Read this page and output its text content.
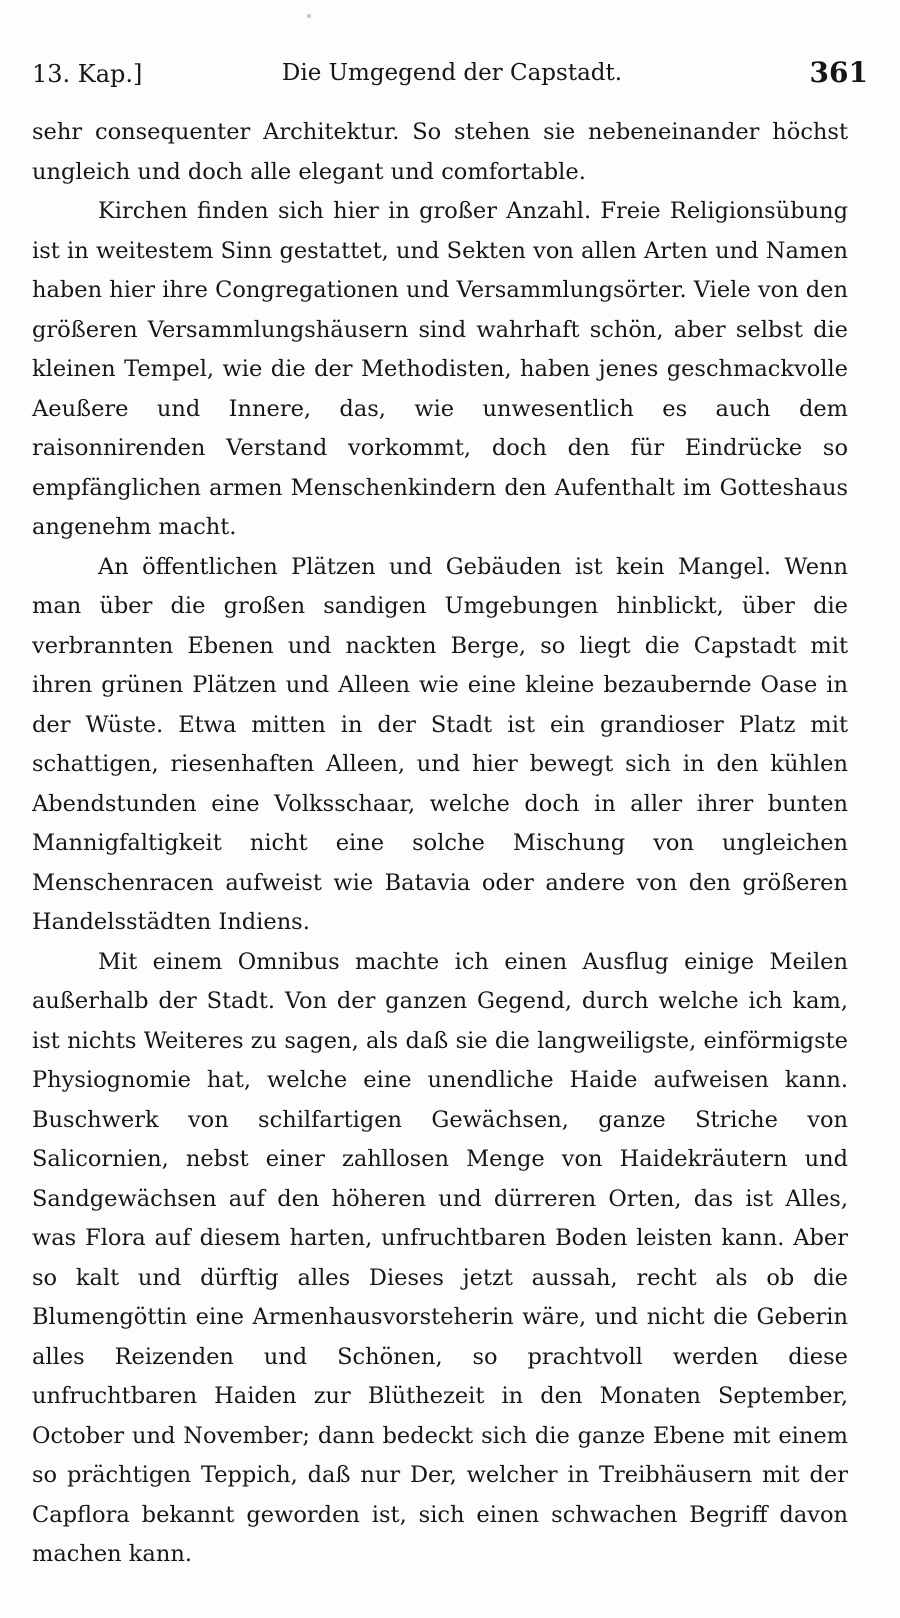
13. Kap.]	Die Umgegend der Capstadt.	361

sehr consequenter Architektur. So stehen sie nebeneinander höchst ungleich und doch alle elegant und comfortable.

Kirchen finden sich hier in großer Anzahl. Freie Religionsübung ist in weitestem Sinn gestattet, und Sekten von allen Arten und Namen haben hier ihre Congregationen und Versammlungsörter. Viele von den größeren Versammlungshäusern sind wahrhaft schön, aber selbst die kleinen Tempel, wie die der Methodisten, haben jenes geschmackvolle Aeußere und Innere, das, wie unwesentlich es auch dem raisonnirenden Verstand vorkommt, doch den für Eindrücke so empfänglichen armen Menschenkindern den Aufenthalt im Gotteshaus angenehm macht.

An öffentlichen Plätzen und Gebäuden ist kein Mangel. Wenn man über die großen sandigen Umgebungen hinblickt, über die verbrannten Ebenen und nackten Berge, so liegt die Capstadt mit ihren grünen Plätzen und Alleen wie eine kleine bezaubernde Oase in der Wüste. Etwa mitten in der Stadt ist ein grandioser Platz mit schattigen, riesenhaften Alleen, und hier bewegt sich in den kühlen Abendstunden eine Volksschaar, welche doch in aller ihrer bunten Mannigfaltigkeit nicht eine solche Mischung von ungleichen Menschenracen aufweist wie Batavia oder andere von den größeren Handelsstädten Indiens.

Mit einem Omnibus machte ich einen Ausflug einige Meilen außerhalb der Stadt. Von der ganzen Gegend, durch welche ich kam, ist nichts Weiteres zu sagen, als daß sie die langweiligste, einförmigste Physiognomie hat, welche eine unendliche Haide aufweisen kann. Buschwerk von schilfartigen Gewächsen, ganze Striche von Salicornien, nebst einer zahllosen Menge von Haidekräutern und Sandgewächsen auf den höheren und dürreren Orten, das ist Alles, was Flora auf diesem harten, unfruchtbaren Boden leisten kann. Aber so kalt und dürftig alles Dieses jetzt aussah, recht als ob die Blumengöttin eine Armenhausvorsteherin wäre, und nicht die Geberin alles Reizenden und Schönen, so prachtvoll werden diese unfruchtbaren Haiden zur Blüthezeit in den Monaten September, October und November; dann bedeckt sich die ganze Ebene mit einem so prächtigen Teppich, daß nur Der, welcher in Treibhäusern mit der Capflora bekannt geworden ist, sich einen schwachen Begriff davon machen kann.
